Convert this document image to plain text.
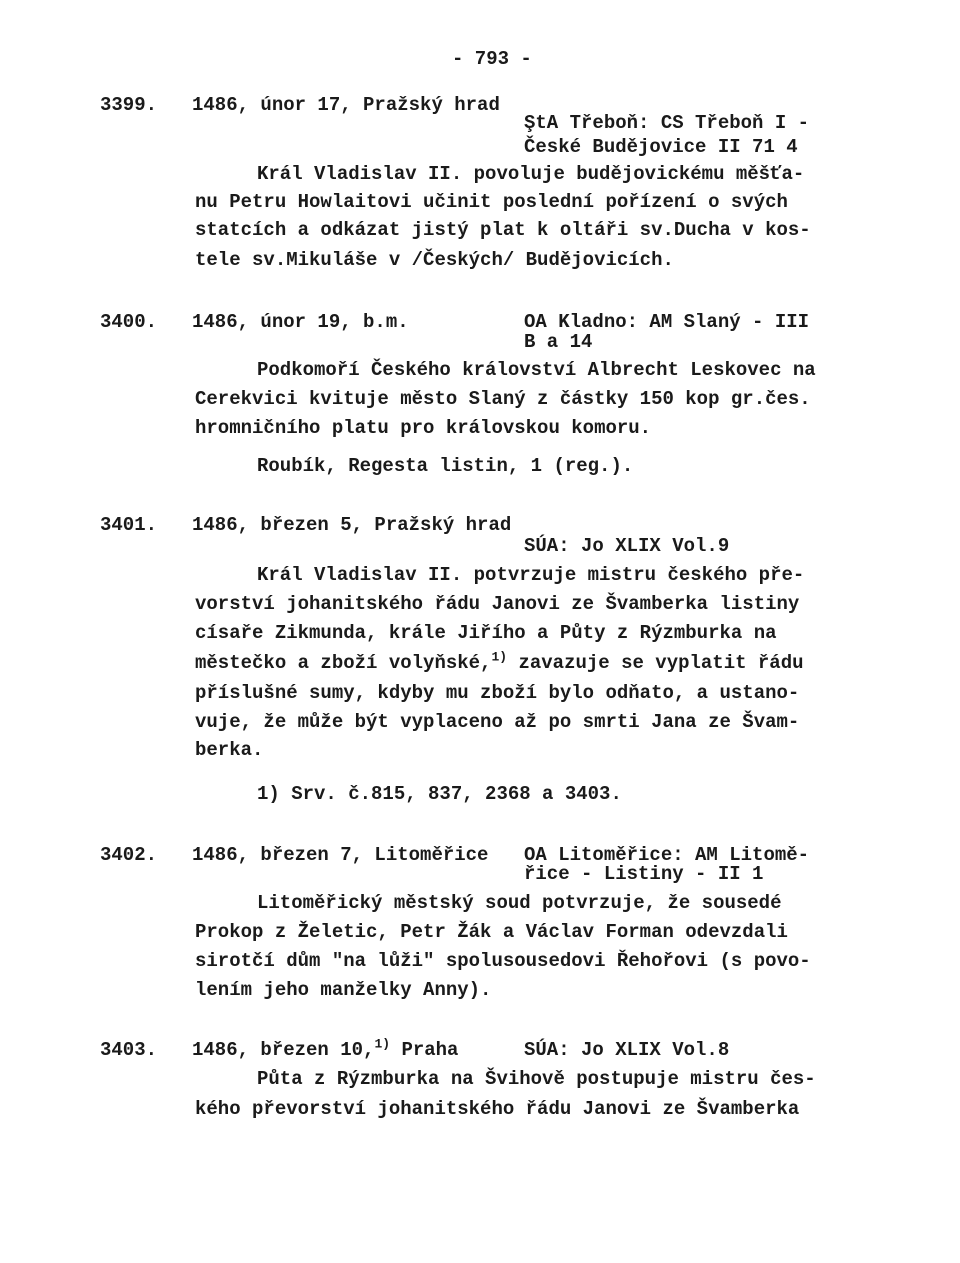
- 793 -
3399. 1486, únor 17, Pražský hrad
ŞtA Třeboň: CS Třeboň I -
České Budějovice II 71 4
Král Vladislav II. povoluje budějovickému měšťa-
nu Petru Howlaitovi učinit poslední pořízení o svých
statcích a odkázat jistý plat k oltáři sv.Ducha v kos-
tele sv.Mikuláše v /Českých/ Budějovicích.
3400. 1486, únor 19, b.m.	OA Kladno: AM Slaný - III
B a 14
Podkomoří Českého království Albrecht Leskovec na
Cerekvici kvituje město Slaný z částky 150 kop gr.čes.
hromničního platu pro královskou komoru.
Roubík, Regesta listin, 1 (reg.).
3401. 1486, březen 5, Pražský hrad
SÚA: Jo XLIX Vol.9
Král Vladislav II. potvrzuje mistru českého pře-
vorství johanitského řádu Janovi ze Švamberka listiny
císaře Zikmunda, krále Jiřího a Půty z Rýzmburka na
městečko a zboží volyňské,$^{1)}$ zavazuje se vyplatit řádu
příslušné sumy, kdyby mu zboží bylo odňato, a ustano-
vuje, že může být vyplaceno až po smrti Jana ze Švam-
berka.
1) Srv. č.815, 837, 2368 a 3403.
3402. 1486, březen 7, Litoměřice OA Litoměřice: AM Litomě-
řice - Listiny - II 1
Litoměřický městský soud potvrzuje, že sousedé
Prokop z Želetic, Petr Žák a Václav Forman odevzdali
sirotčí dům "na lůži" spolusousedovi Řehořovi (s povo-
lením jeho manželky Anny).
3403. 1486, březen 10,$^{1)}$ Praha	SÚA: Jo XLIX Vol.8
Půta z Rýzmburka na Švihově postupuje mistru čes-
kého převorství johanitského řádu Janovi ze Švamberka
